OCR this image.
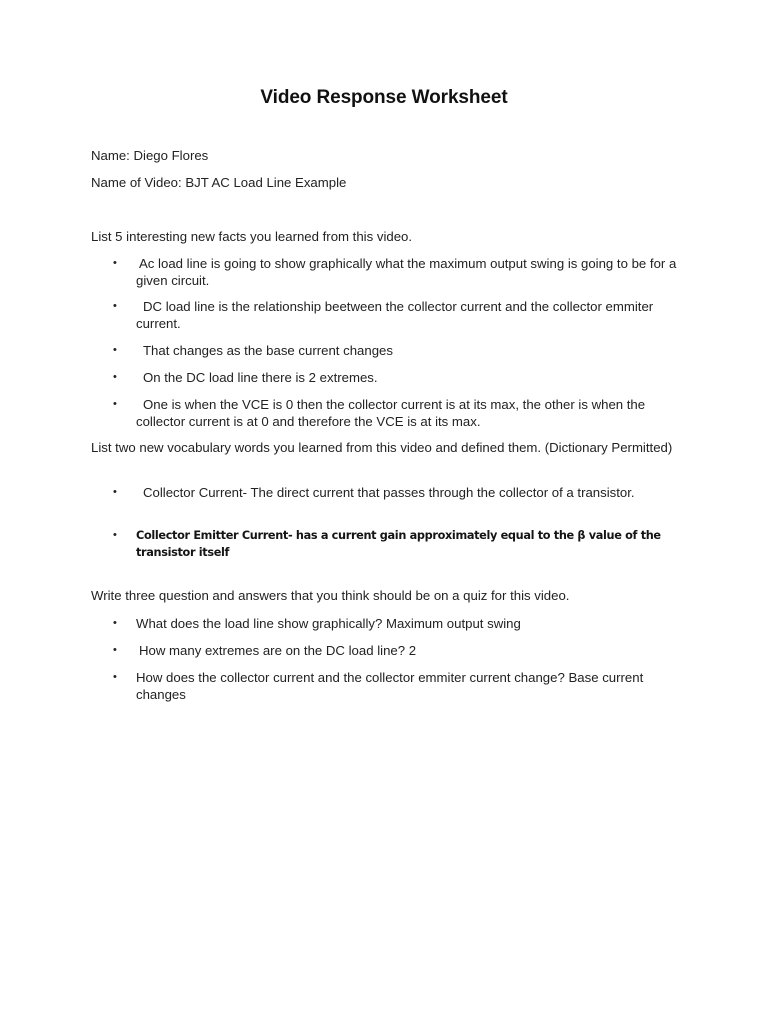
Video Response Worksheet
Name: Diego Flores
Name of Video: BJT AC Load Line Example
List 5 interesting new facts you learned from this video.
• Ac load line is going to show graphically what the maximum output swing is going to be for a given circuit.
•	DC load line is the relationship beetween the collector current and the collector emmiter current.
•	That changes as the base current changes
•	On the DC load line there is 2 extremes.
•	One is when the VCE is 0 then the collector current is at its max, the other is when the collector current is at 0 and therefore the VCE is at its max.
List two new vocabulary words you learned from this video and defined them. (Dictionary Permitted)
•	Collector Current- The direct current that passes through the collector of a transistor.
• Collector Emitter Current- has a current gain approximately equal to the β value of the transistor itself
Write three question and answers that you think should be on a quiz for this video.
• What does the load line show graphically? Maximum output swing
• How many extremes are on the DC load line? 2
• How does the collector current and the collector emmiter current change? Base current changes
